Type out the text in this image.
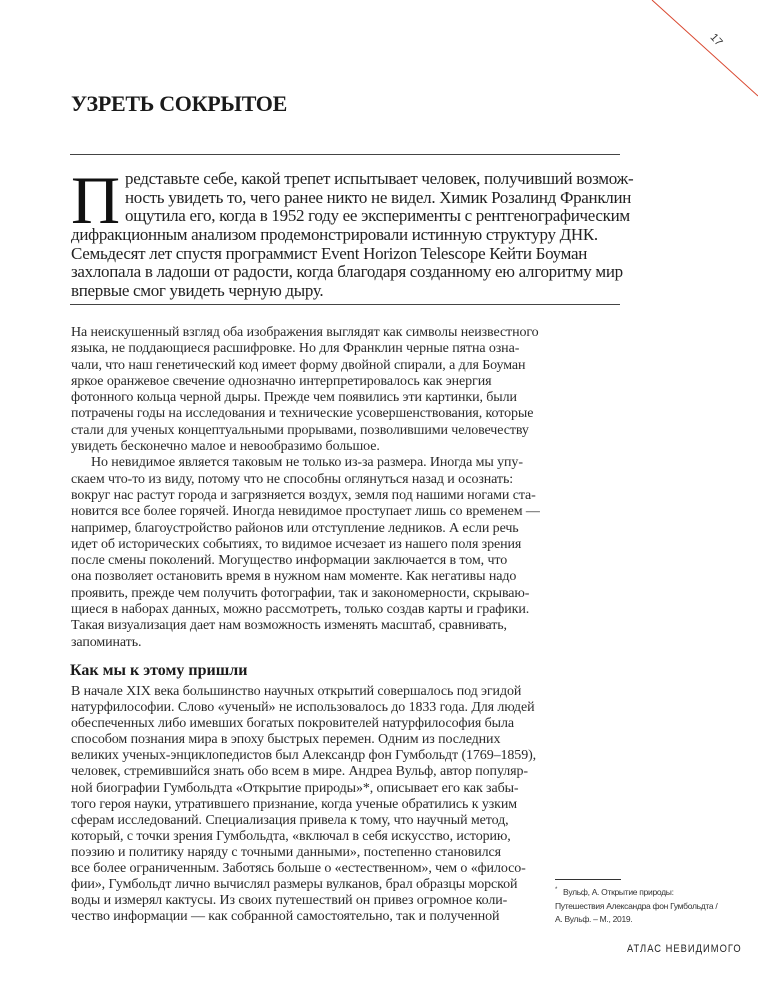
17
УЗРЕТЬ СОКРЫТОЕ
П редставьте себе, какой трепет испытывает человек, получивший возмож-
ность увидеть то, чего ранее никто не видел. Химик Розалинд Франклин
ощутила его, когда в 1952 году ее эксперименты с рентгенографическим
дифракционным анализом продемонстрировали истинную структуру ДНК.
Семьдесят лет спустя программист Event Horizon Telescope Кейти Боуман
захлопала в ладоши от радости, когда благодаря созданному ею алгоритму мир
впервые смог увидеть черную дыру.
На неискушенный взгляд оба изображения выглядят как символы неизвестного
языка, не поддающиеся расшифровке. Но для Франклин черные пятна озна-
чали, что наш генетический код имеет форму двойной спирали, а для Боуман
яркое оранжевое свечение однозначно интерпретировалось как энергия
фотонного кольца черной дыры. Прежде чем появились эти картинки, были
потрачены годы на исследования и технические усовершенствования, которые
стали для ученых концептуальными прорывами, позволившими человечеству
увидеть бесконечно малое и невообразимо большое.
Но невидимое является таковым не только из-за размера. Иногда мы упу-
скаем что-то из виду, потому что не способны оглянуться назад и осознать:
вокруг нас растут города и загрязняется воздух, земля под нашими ногами ста-
новится все более горячей. Иногда невидимое проступает лишь со временем —
например, благоустройство районов или отступление ледников. А если речь
идет об исторических событиях, то видимое исчезает из нашего поля зрения
после смены поколений. Могущество информации заключается в том, что
она позволяет остановить время в нужном нам моменте. Как негативы надо
проявить, прежде чем получить фотографии, так и закономерности, скрываю-
щиеся в наборах данных, можно рассмотреть, только создав карты и графики.
Такая визуализация дает нам возможность изменять масштаб, сравнивать,
запоминать.
Как мы к этому пришли
В начале XIX века большинство научных открытий совершалось под эгидой
натурфилософии. Слово «ученый» не использовалось до 1833 года. Для людей
обеспеченных либо имевших богатых покровителей натурфилософия была
способом познания мира в эпоху быстрых перемен. Одним из последних
великих ученых-энциклопедистов был Александр фон Гумбольдт (1769–1859),
человек, стремившийся знать обо всем в мире. Андреа Вульф, автор популяр-
ной биографии Гумбольдта «Открытие природы»*, описывает его как забы-
того героя науки, утратившего признание, когда ученые обратились к узким
сферам исследований. Специализация привела к тому, что научный метод,
который, с точки зрения Гумбольдта, «включал в себя искусство, историю,
поэзию и политику наряду с точными данными», постепенно становился
все более ограниченным. Заботясь больше о «естественном», чем о «филосо-
фии», Гумбольдт лично вычислял размеры вулканов, брал образцы морской
воды и измерял кактусы. Из своих путешествий он привез огромное коли-
чество информации — как собранной самостоятельно, так и полученной
* Вульф, А. Открытие природы:
Путешествия Александра фон Гумбольдта /
А. Вульф. – М., 2019.
АТЛАС НЕВИДИМОГО
